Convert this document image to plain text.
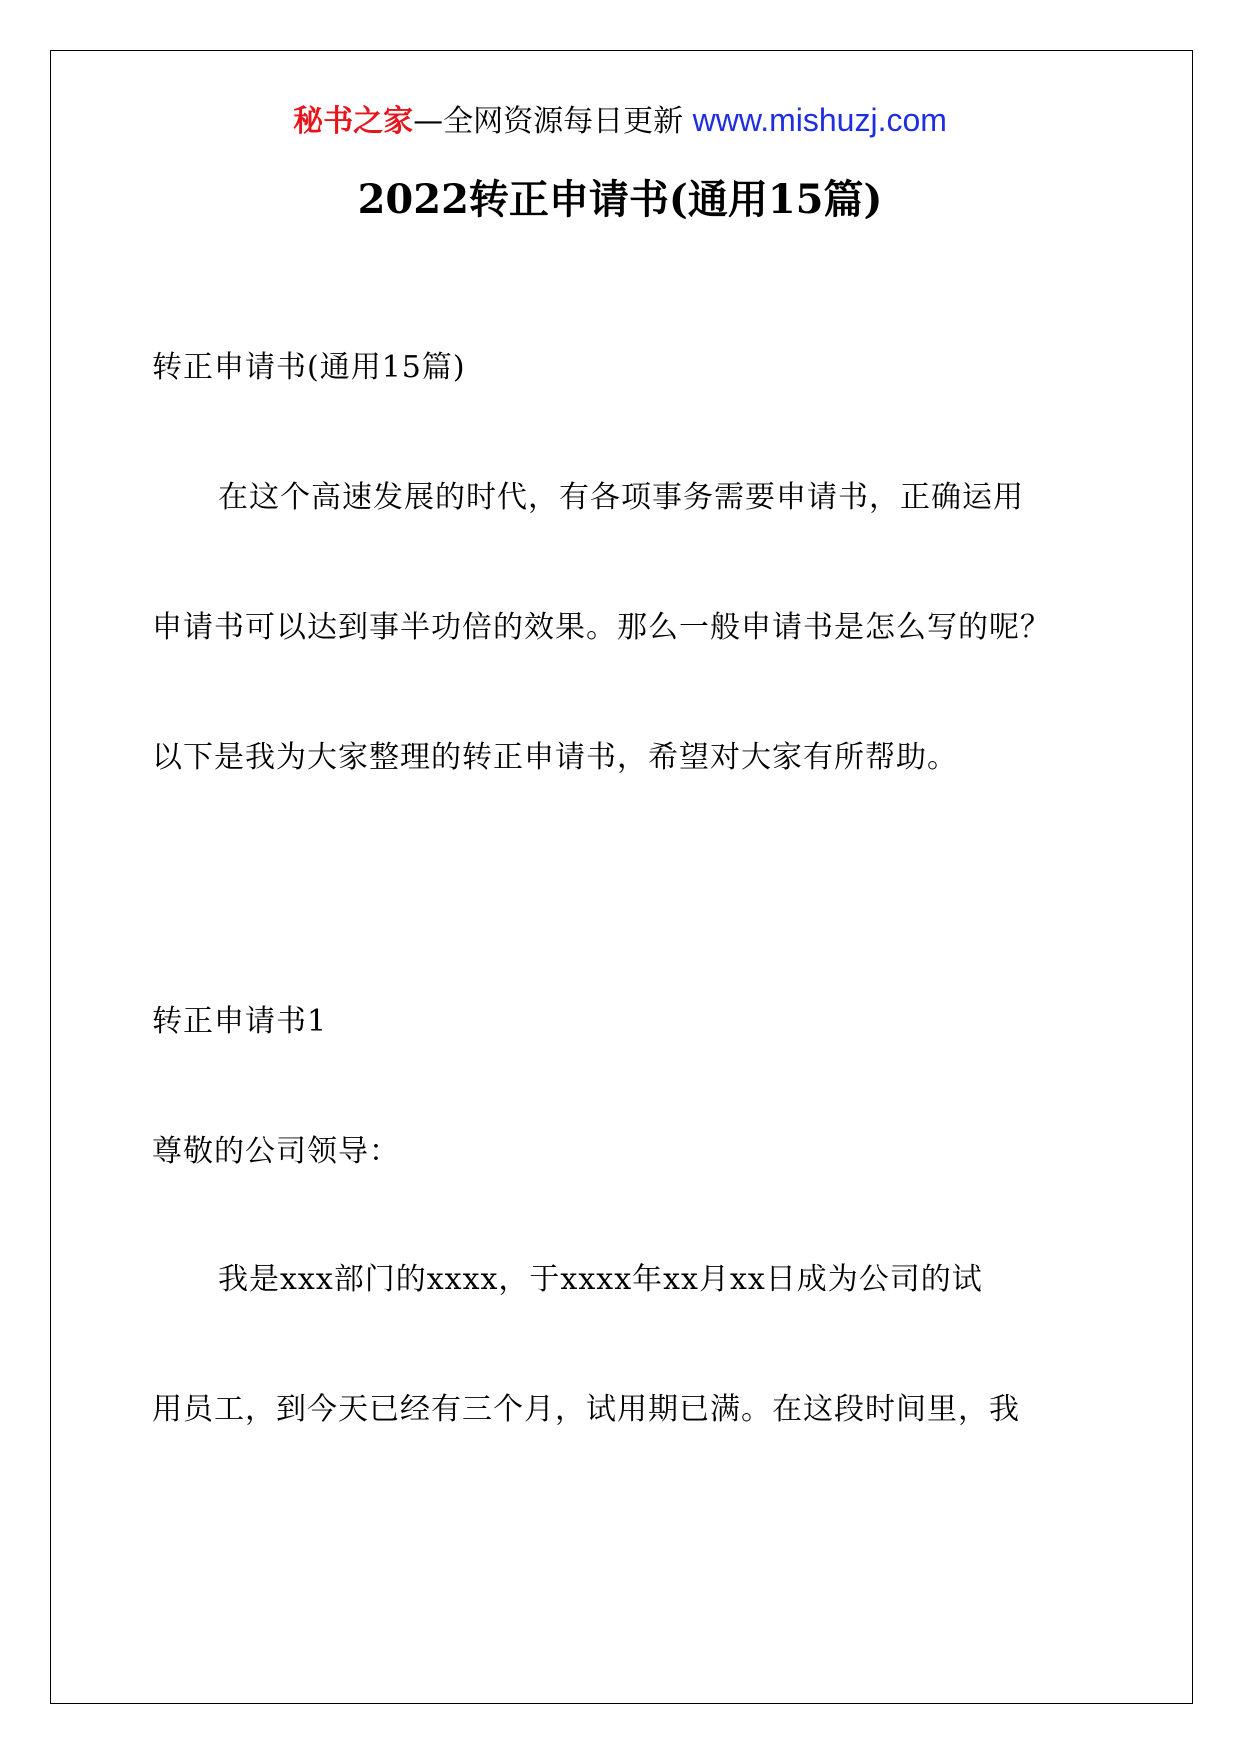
秘书之家—全网资源每日更新 www.mishuzj.com
2022转正申请书(通用15篇)
转正申请书(通用15篇)
在这个高速发展的时代，有各项事务需要申请书，正确运用
申请书可以达到事半功倍的效果。那么一般申请书是怎么写的呢？
以下是我为大家整理的转正申请书，希望对大家有所帮助。
转正申请书1
尊敬的公司领导：
我是xxx部门的xxxx，于xxxx年xx月xx日成为公司的试
用员工，到今天已经有三个月，试用期已满。在这段时间里，我
